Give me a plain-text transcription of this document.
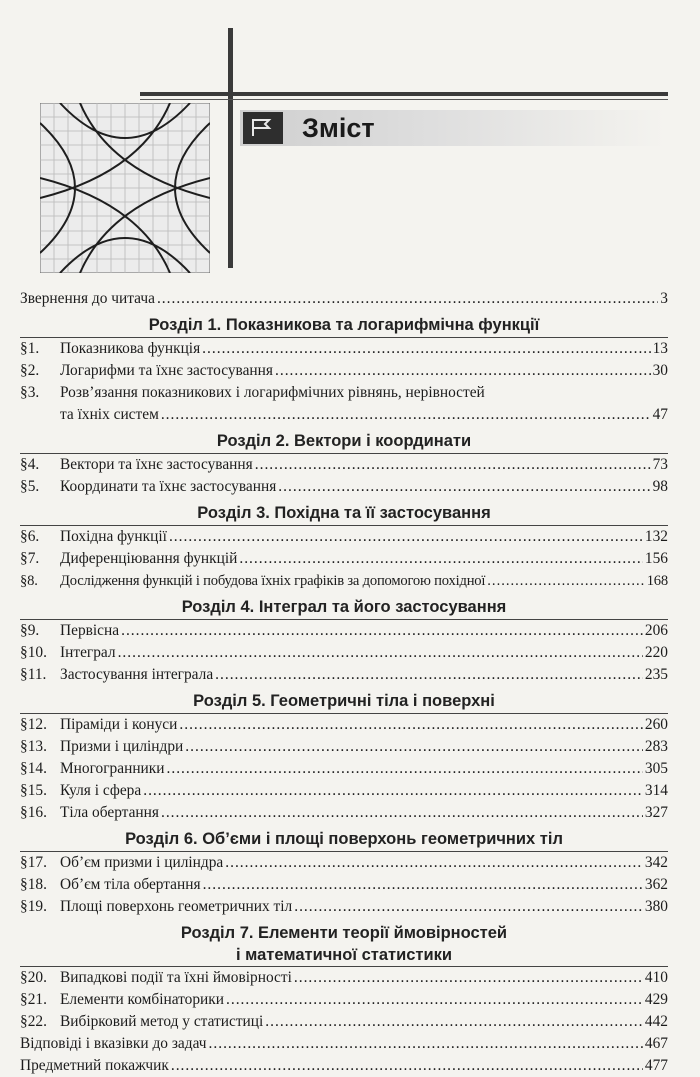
Зміст
Звернення до читача .....	3
Розділ 1. Показникова та логарифмічна функції
§1.	Показникова функція .....	13
§2.	Логарифми та їхнє застосування .....	30
§3.	Розв’язання показникових і логарифмічних рівнянь, нерівностей
та їхніх систем .....	47
Розділ 2. Вектори і координати
§4.	Вектори та їхнє застосування .....	73
§5.	Координати та їхнє застосування .....	98
Розділ 3. Похідна та її застосування
§6.	Похідна функції .....	132
§7.	Диференціювання функцій .....	156
§8.	Дослідження функцій і побудова їхніх графіків за допомогою похідної .....	168
Розділ 4. Інтеграл та його застосування
§9.	Первісна .....	206
§10. Інтеграл .....	220
§11. Застосування інтеграла .....	235
Розділ 5. Геометричні тіла і поверхні
§12. Піраміди і конуси .....	260
§13. Призми і циліндри .....	283
§14. Многогранники .....	305
§15. Куля і сфера .....	314
§16. Тіла обертання .....	327
Розділ 6. Об’єми і площі поверхонь геометричних тіл
§17. Об’єм призми і циліндра .....	342
§18. Об’єм тіла обертання .....	362
§19. Площі поверхонь геометричних тіл .....	380
Розділ 7. Елементи теорії ймовірностей
і математичної статистики
§20. Випадкові події та їхні ймовірності .....	410
§21. Елементи комбінаторики .....	429
§22. Вибірковий метод у статистиці .....	442
Відповіді і вказівки до задач .....	467
Предметний покажчик .....	477
